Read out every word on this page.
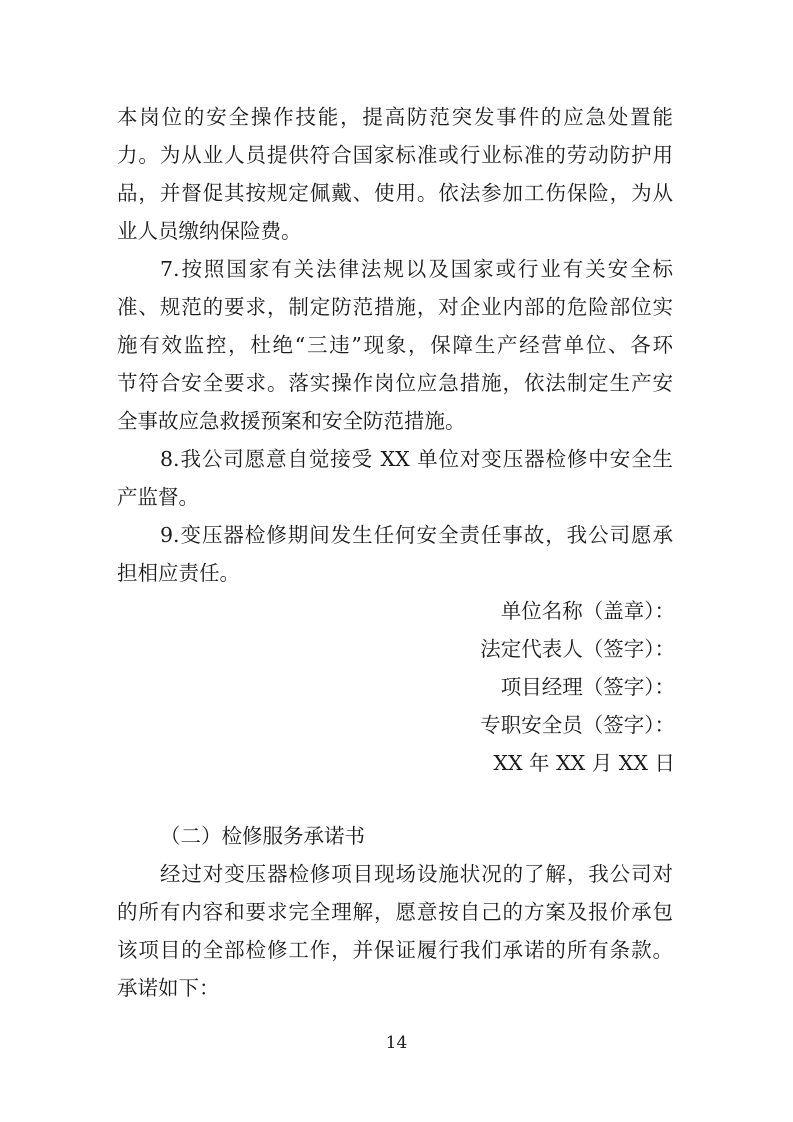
本岗位的安全操作技能，提高防范突发事件的应急处置能

力。为从业人员提供符合国家标准或行业标准的劳动防护用

品，并督促其按规定佩戴、使用。依法参加工伤保险，为从

业人员缴纳保险费。

7.按照国家有关法律法规以及国家或行业有关安全标

准、规范的要求，制定防范措施，对企业内部的危险部位实

施有效监控，杜绝“三违”现象，保障生产经营单位、各环

节符合安全要求。落实操作岗位应急措施，依法制定生产安

全事故应急救援预案和安全防范措施。

8.我公司愿意自觉接受 XX 单位对变压器检修中安全生

产监督。

9.变压器检修期间发生任何安全责任事故，我公司愿承

担相应责任。

单位名称（盖章）：

法定代表人（签字）：

项目经理（签字）：

专职安全员（签字）：

XX 年 XX 月 XX 日

（二）检修服务承诺书

经过对变压器检修项目现场设施状况的了解，我公司对

的所有内容和要求完全理解，愿意按自己的方案及报价承包

该项目的全部检修工作，并保证履行我们承诺的所有条款。

承诺如下：

14
